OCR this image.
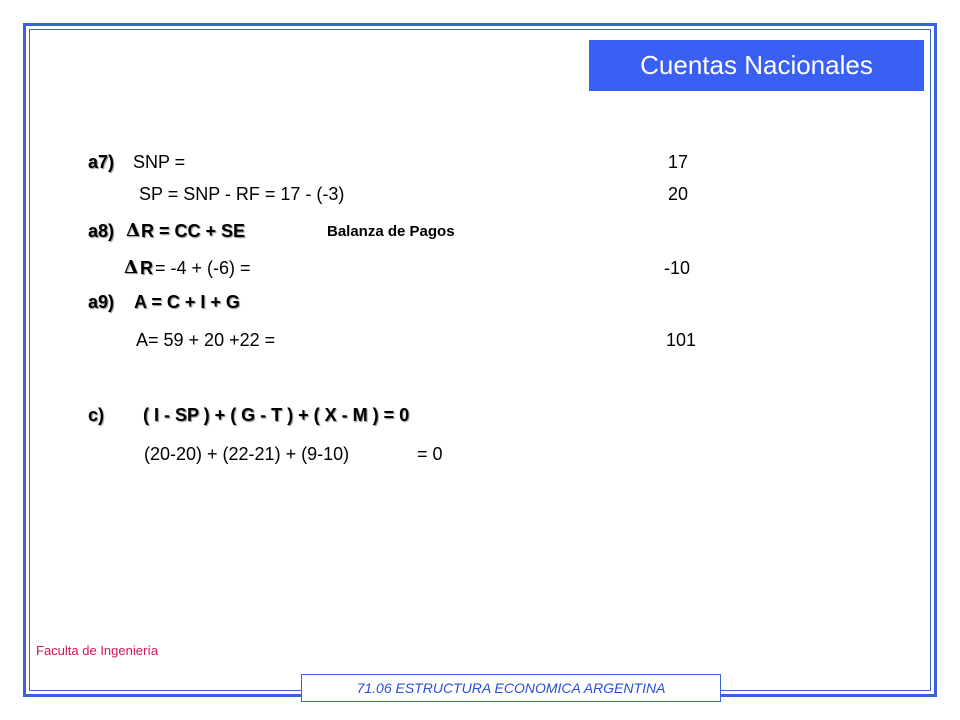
Cuentas Nacionales
a7) SNP =	17
SP = SNP - RF = 17 - (-3)	20
a8) Δ R = CC + SE	Balanza de Pagos
Δ R = -4 + (-6) =	-10
a9) A = C + I + G
A= 59 + 20 +22 =	101
c) ( I - SP ) + ( G - T ) + ( X - M ) = 0
(20-20) + (22-21) + (9-10)	= 0
Faculta de Ingeniería
71.06 ESTRUCTURA ECONOMICA ARGENTINA
